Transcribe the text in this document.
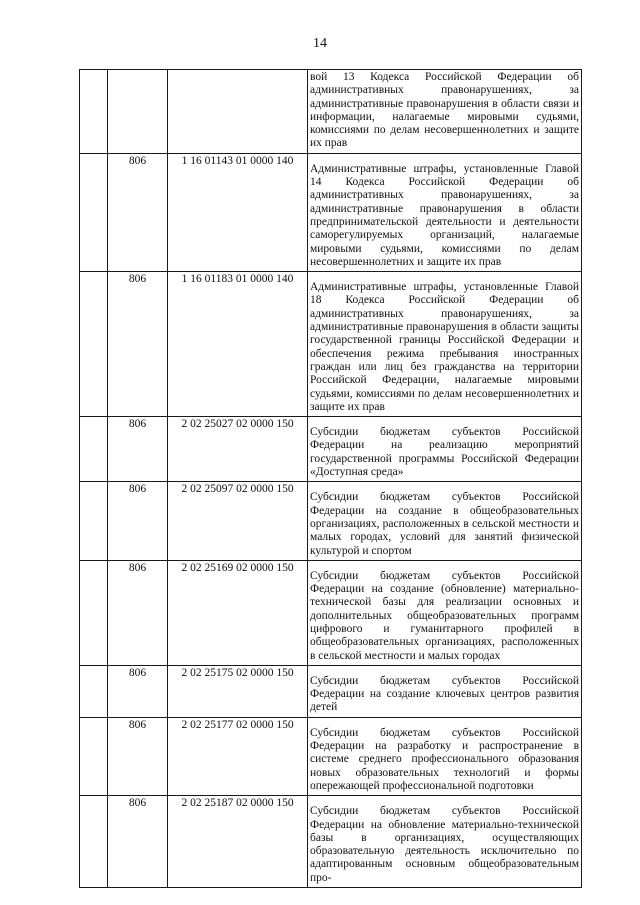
14
			вой 13 Кодекса Российской Федерации об административных правонарушениях, за административные правонарушения в области связи и информации, налагаемые мировыми судьями, комиссиями по делам несовершеннолетних и защите их прав
	806	1 16 01143 01 0000 140	Административные штрафы, установленные Главой 14 Кодекса Российской Федерации об административных правонарушениях, за административные правонарушения в области предпринимательской деятельности и деятельности саморегулируемых организаций, налагаемые мировыми судьями, комиссиями по делам несовершеннолетних и защите их прав
	806	1 16 01183 01 0000 140	Административные штрафы, установленные Главой 18 Кодекса Российской Федерации об административных правонарушениях, за административные правонарушения в области защиты государственной границы Российской Федерации и обеспечения режима пребывания иностранных граждан или лиц без гражданства на территории Российской Федерации, налагаемые мировыми судьями, комиссиями по делам несовершеннолетних и защите их прав
	806	2 02 25027 02 0000 150	Субсидии бюджетам субъектов Российской Федерации на реализацию мероприятий государственной программы Российской Федерации «Доступная среда»
	806	2 02 25097 02 0000 150	Субсидии бюджетам субъектов Российской Федерации на создание в общеобразовательных организациях, расположенных в сельской местности и малых городах, условий для занятий физической культурой и спортом
	806	2 02 25169 02 0000 150	Субсидии бюджетам субъектов Российской Федерации на создание (обновление) материально-технической базы для реализации основных и дополнительных общеобразовательных программ цифрового и гуманитарного профилей в общеобразовательных организациях, расположенных в сельской местности и малых городах
	806	2 02 25175 02 0000 150	Субсидии бюджетам субъектов Российской Федерации на создание ключевых центров развития детей
	806	2 02 25177 02 0000 150	Субсидии бюджетам субъектов Российской Федерации на разработку и распространение в системе среднего профессионального образования новых образовательных технологий и формы опережающей профессиональной подготовки
	806	2 02 25187 02 0000 150	Субсидии бюджетам субъектов Российской Федерации на обновление материально-технической базы в организациях, осуществляющих образовательную деятельность исключительно по адаптированным основным общеобразовательным про-
